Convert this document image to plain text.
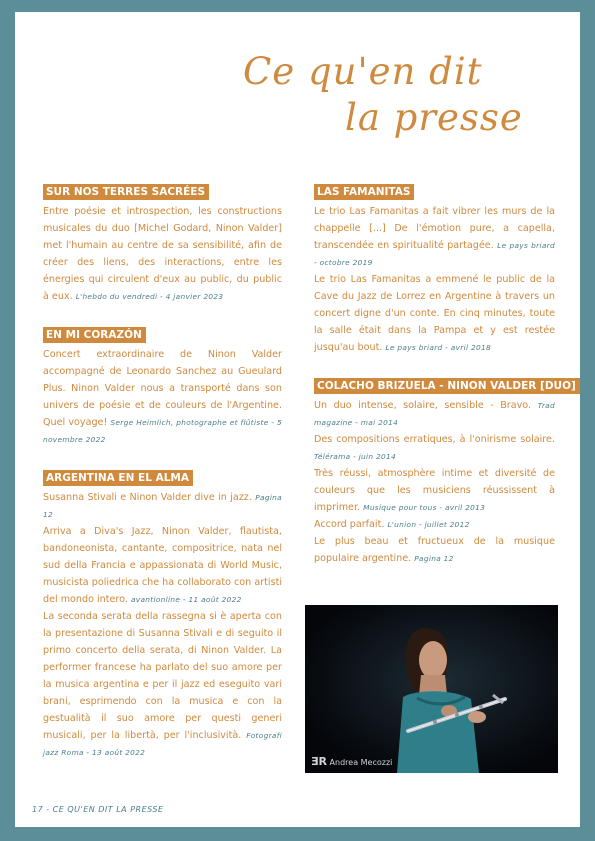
Ce qu'en dit
la presse
SUR NOS TERRES SACRÉES

Entre poésie et introspection, les constructions musicales du duo [Michel Godard, Ninon Valder] met l'humain au centre de sa sensibilité, afin de créer des liens, des interactions, entre les énergies qui circulent d'eux au public, du public à eux. L'hebdo du vendredi - 4 janvier 2023

EN MI CORAZÓN

Concert extraordinaire de Ninon Valder accompagné de Leonardo Sanchez au Gueulard Plus. Ninon Valder nous a transporté dans son univers de poésie et de couleurs de l'Argentine. Quel voyage! Serge Heimlich, photographe et flûtiste - 5 novembre 2022

ARGENTINA EN EL ALMA

Susanna Stivali e Ninon Valder dive in jazz. Pagina 12

Arriva a Diva's Jazz, Ninon Valder, flautista, bandoneonista, cantante, compositrice, nata nel sud della Francia e appassionata di World Music, musicista poliedrica che ha collaborato con artisti del mondo intero. avantionline - 11 août 2022

La seconda serata della rassegna si è aperta con la presentazione di Susanna Stivali e di seguito il primo concerto della serata, di Ninon Valder. La performer francese ha parlato del suo amore per la musica argentina e per il jazz ed eseguito vari brani, esprimendo con la musica e con la gestualità il suo amore per questi generi musicali, per la libertà, per l'inclusività. Fotografi jazz Roma - 13 août 2022

LAS FAMANITAS

Le trio Las Famanitas a fait vibrer les murs de la chappelle [...] De l'émotion pure, a capella, transcendée en spiritualité partagée. Le pays briard - octobre 2019

Le trio Las Famanitas a emmené le public de la Cave du Jazz de Lorrez en Argentine à travers un concert digne d'un conte. En cinq minutes, toute la salle était dans la Pampa et y est restée jusqu'au bout. Le pays briard - avril 2018

COLACHO BRIZUELA - NINON VALDER [DUO]

Un duo intense, solaire, sensible - Bravo. Trad magazine - mai 2014

Des compositions erratiques, à l'onirisme solaire. Télérama - juin 2014

Très réussi, atmosphère intime et diversité de couleurs que les musiciens réussissent à imprimer. Musique pour tous - avril 2013

Accord parfait. L'union - juillet 2012

Le plus beau et fructueux de la musique populaire argentine. Pagina 12

ƎR Andrea Mecozzi
17 - CE QU'EN DIT LA PRESSE
